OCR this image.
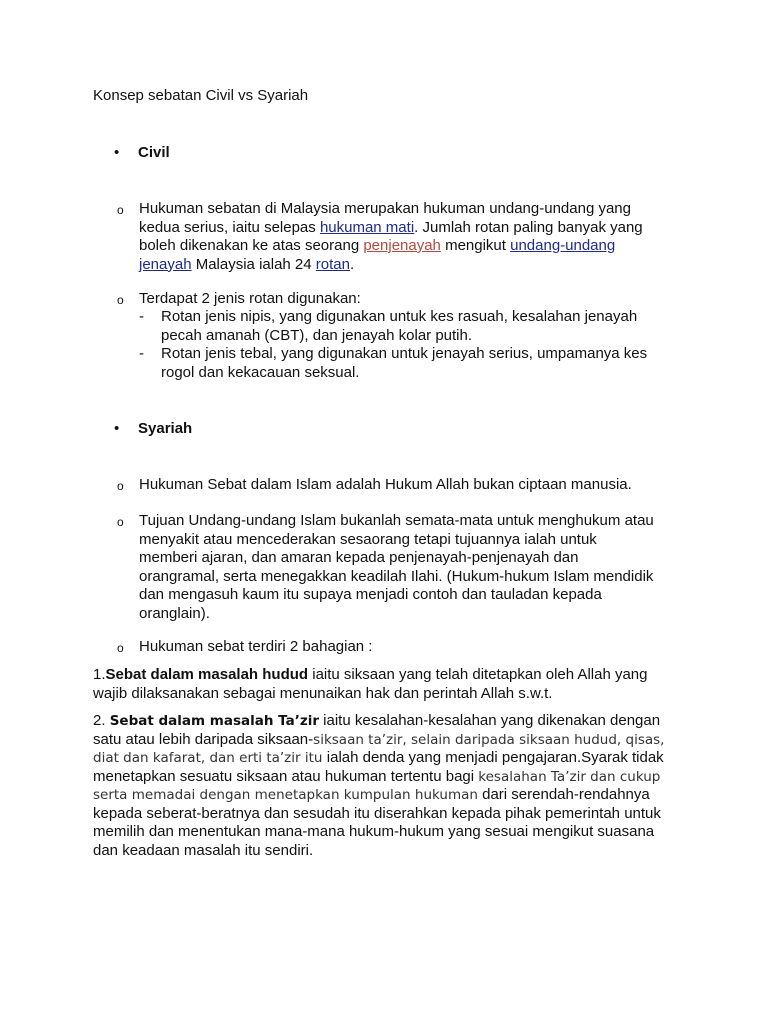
Konsep sebatan Civil vs Syariah
• Civil
o Hukuman sebatan di Malaysia merupakan hukuman undang-undang yang kedua serius, iaitu selepas hukuman mati. Jumlah rotan paling banyak yang boleh dikenakan ke atas seorang penjenayah mengikut undang-undang jenayah Malaysia ialah 24 rotan.
o Terdapat 2 jenis rotan digunakan:
- Rotan jenis nipis, yang digunakan untuk kes rasuah, kesalahan jenayah pecah amanah (CBT), dan jenayah kolar putih.
- Rotan jenis tebal, yang digunakan untuk jenayah serius, umpamanya kes rogol dan kekacauan seksual.
• Syariah
o Hukuman Sebat dalam Islam adalah Hukum Allah bukan ciptaan manusia.
o Tujuan Undang-undang Islam bukanlah semata-mata untuk menghukum atau menyakit atau mencederakan sesaorang tetapi tujuannya ialah untuk memberi ajaran, dan amaran kepada penjenayah-penjenayah dan orangramal, serta menegakkan keadilah Ilahi. (Hukum-hukum Islam mendidik dan mengasuh kaum itu supaya menjadi contoh dan tauladan kepada oranglain).
o Hukuman sebat terdiri 2 bahagian :
1.Sebat dalam masalah hudud iaitu siksaan yang telah ditetapkan oleh Allah yang wajib dilaksanakan sebagai menunaikan hak dan perintah Allah s.w.t.
2. Sebat dalam masalah Ta’zir iaitu kesalahan-kesalahan yang dikenakan dengan satu atau lebih daripada siksaan-siksaan ta’zir, selain daripada siksaan hudud, qisas, diat dan kafarat, dan erti ta’zir itu ialah denda yang menjadi pengajaran.Syarak tidak menetapkan sesuatu siksaan atau hukuman tertentu bagi kesalahan Ta’zir dan cukup serta memadai dengan menetapkan kumpulan hukuman dari serendah-rendahnya kepada seberat-beratnya dan sesudah itu diserahkan kepada pihak pemerintah untuk memilih dan menentukan mana-mana hukum-hukum yang sesuai mengikut suasana dan keadaan masalah itu sendiri.
